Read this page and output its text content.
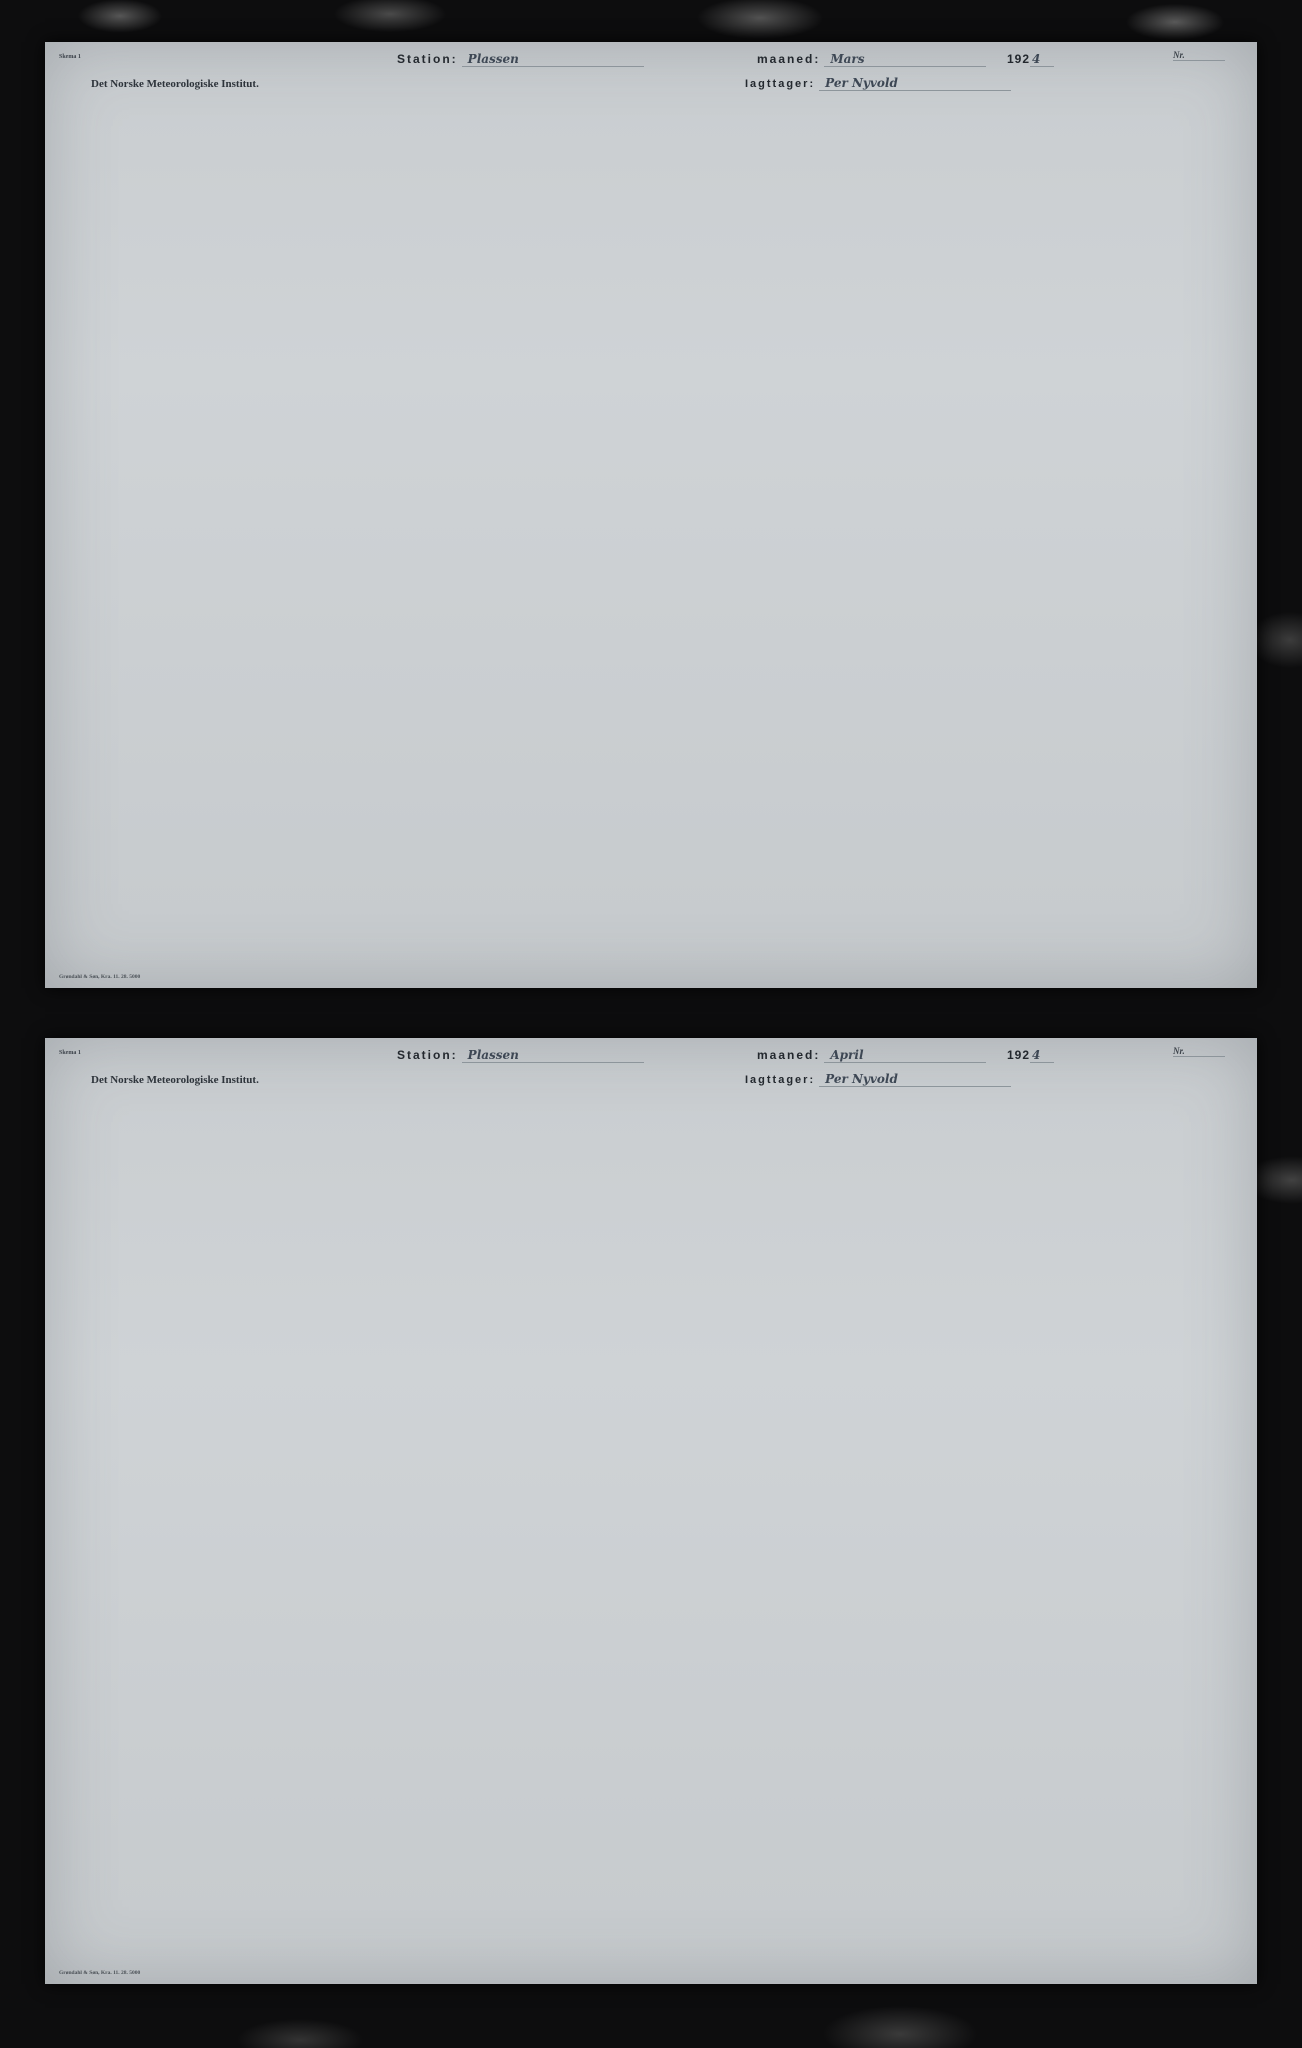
Skema 1	Station: Plassen	maaned: Mars	192 4	Nr.
Det Norske Meteorologiske Institut.	Iagttager: Per Nyvold
Grøndahl & Søn, Kra. 11. 28. 5000
Skema 1	Station: Plassen	maaned: April	192 4	Nr.
Det Norske Meteorologiske Institut.	Iagttager: Per Nyvold
Grøndahl & Søn, Kra. 11. 28. 5000
